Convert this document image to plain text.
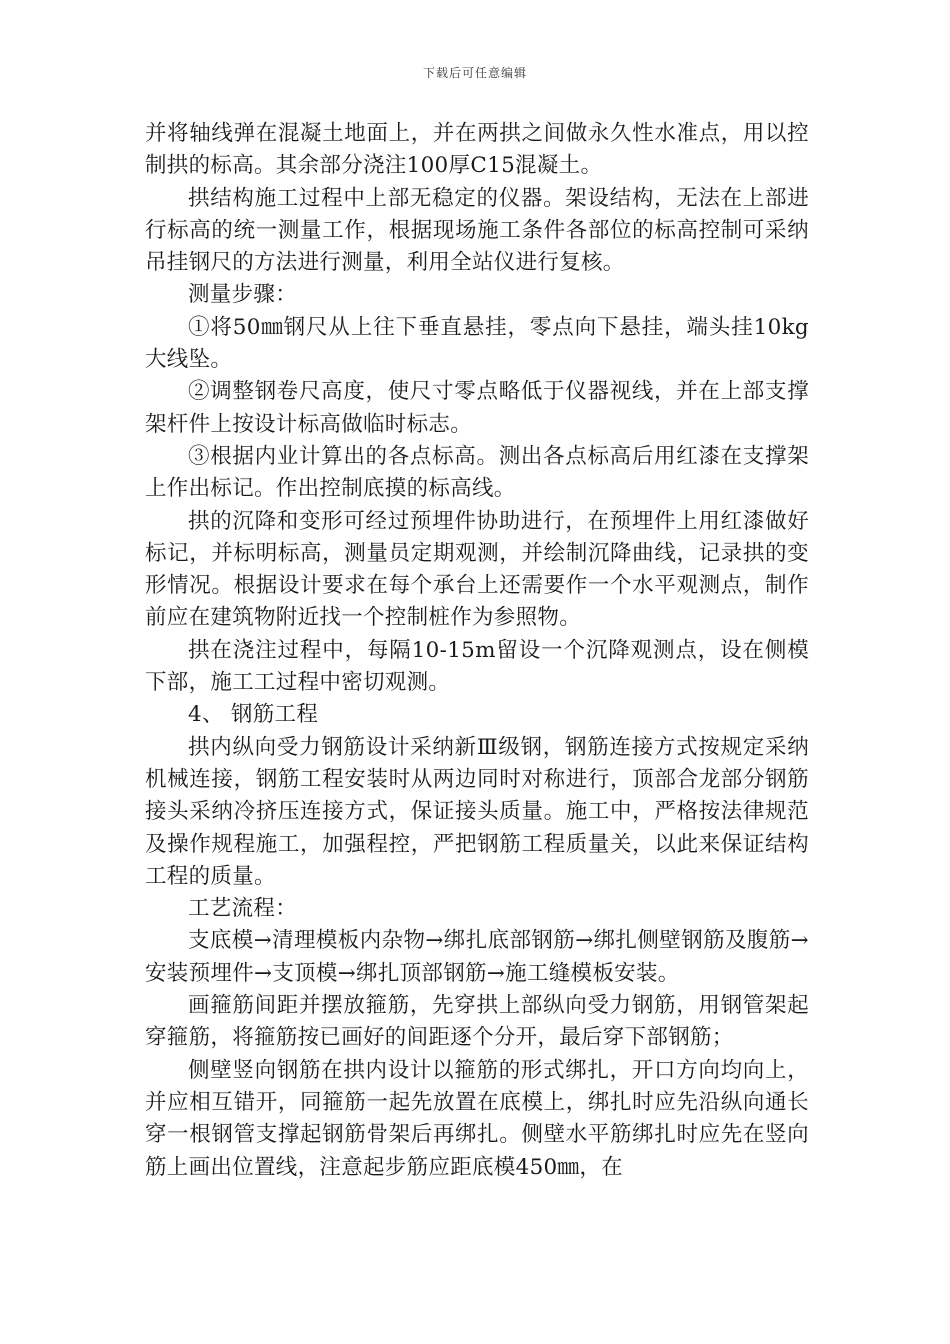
下载后可任意编辑

并将轴线弹在混凝土地面上，并在两拱之间做永久性水准点，用以控制拱的标高。其余部分浇注100厚C15混凝土。

拱结构施工过程中上部无稳定的仪器。架设结构，无法在上部进行标高的统一测量工作，根据现场施工条件各部位的标高控制可采纳吊挂钢尺的方法进行测量，利用全站仪进行复核。

测量步骤：

①将50㎜钢尺从上往下垂直悬挂，零点向下悬挂，端头挂10kg大线坠。

②调整钢卷尺高度，使尺寸零点略低于仪器视线，并在上部支撑架杆件上按设计标高做临时标志。

③根据内业计算出的各点标高。测出各点标高后用红漆在支撑架上作出标记。作出控制底摸的标高线。

拱的沉降和变形可经过预埋件协助进行，在预埋件上用红漆做好标记，并标明标高，测量员定期观测，并绘制沉降曲线，记录拱的变形情况。根据设计要求在每个承台上还需要作一个水平观测点，制作前应在建筑物附近找一个控制桩作为参照物。

拱在浇注过程中，每隔10-15m留设一个沉降观测点，设在侧模下部，施工工过程中密切观测。

4、 钢筋工程

拱内纵向受力钢筋设计采纳新Ⅲ级钢，钢筋连接方式按规定采纳机械连接，钢筋工程安装时从两边同时对称进行，顶部合龙部分钢筋接头采纳冷挤压连接方式，保证接头质量。施工中，严格按法律规范及操作规程施工，加强程控，严把钢筋工程质量关，以此来保证结构工程的质量。

工艺流程：

支底模→清理模板内杂物→绑扎底部钢筋→绑扎侧壁钢筋及腹筋→安装预埋件→支顶模→绑扎顶部钢筋→施工缝模板安装。

画箍筋间距并摆放箍筋，先穿拱上部纵向受力钢筋，用钢管架起穿箍筋，将箍筋按已画好的间距逐个分开，最后穿下部钢筋；

侧壁竖向钢筋在拱内设计以箍筋的形式绑扎，开口方向均向上，并应相互错开，同箍筋一起先放置在底模上，绑扎时应先沿纵向通长穿一根钢管支撑起钢筋骨架后再绑扎。侧壁水平筋绑扎时应先在竖向筋上画出位置线，注意起步筋应距底模450㎜，在
